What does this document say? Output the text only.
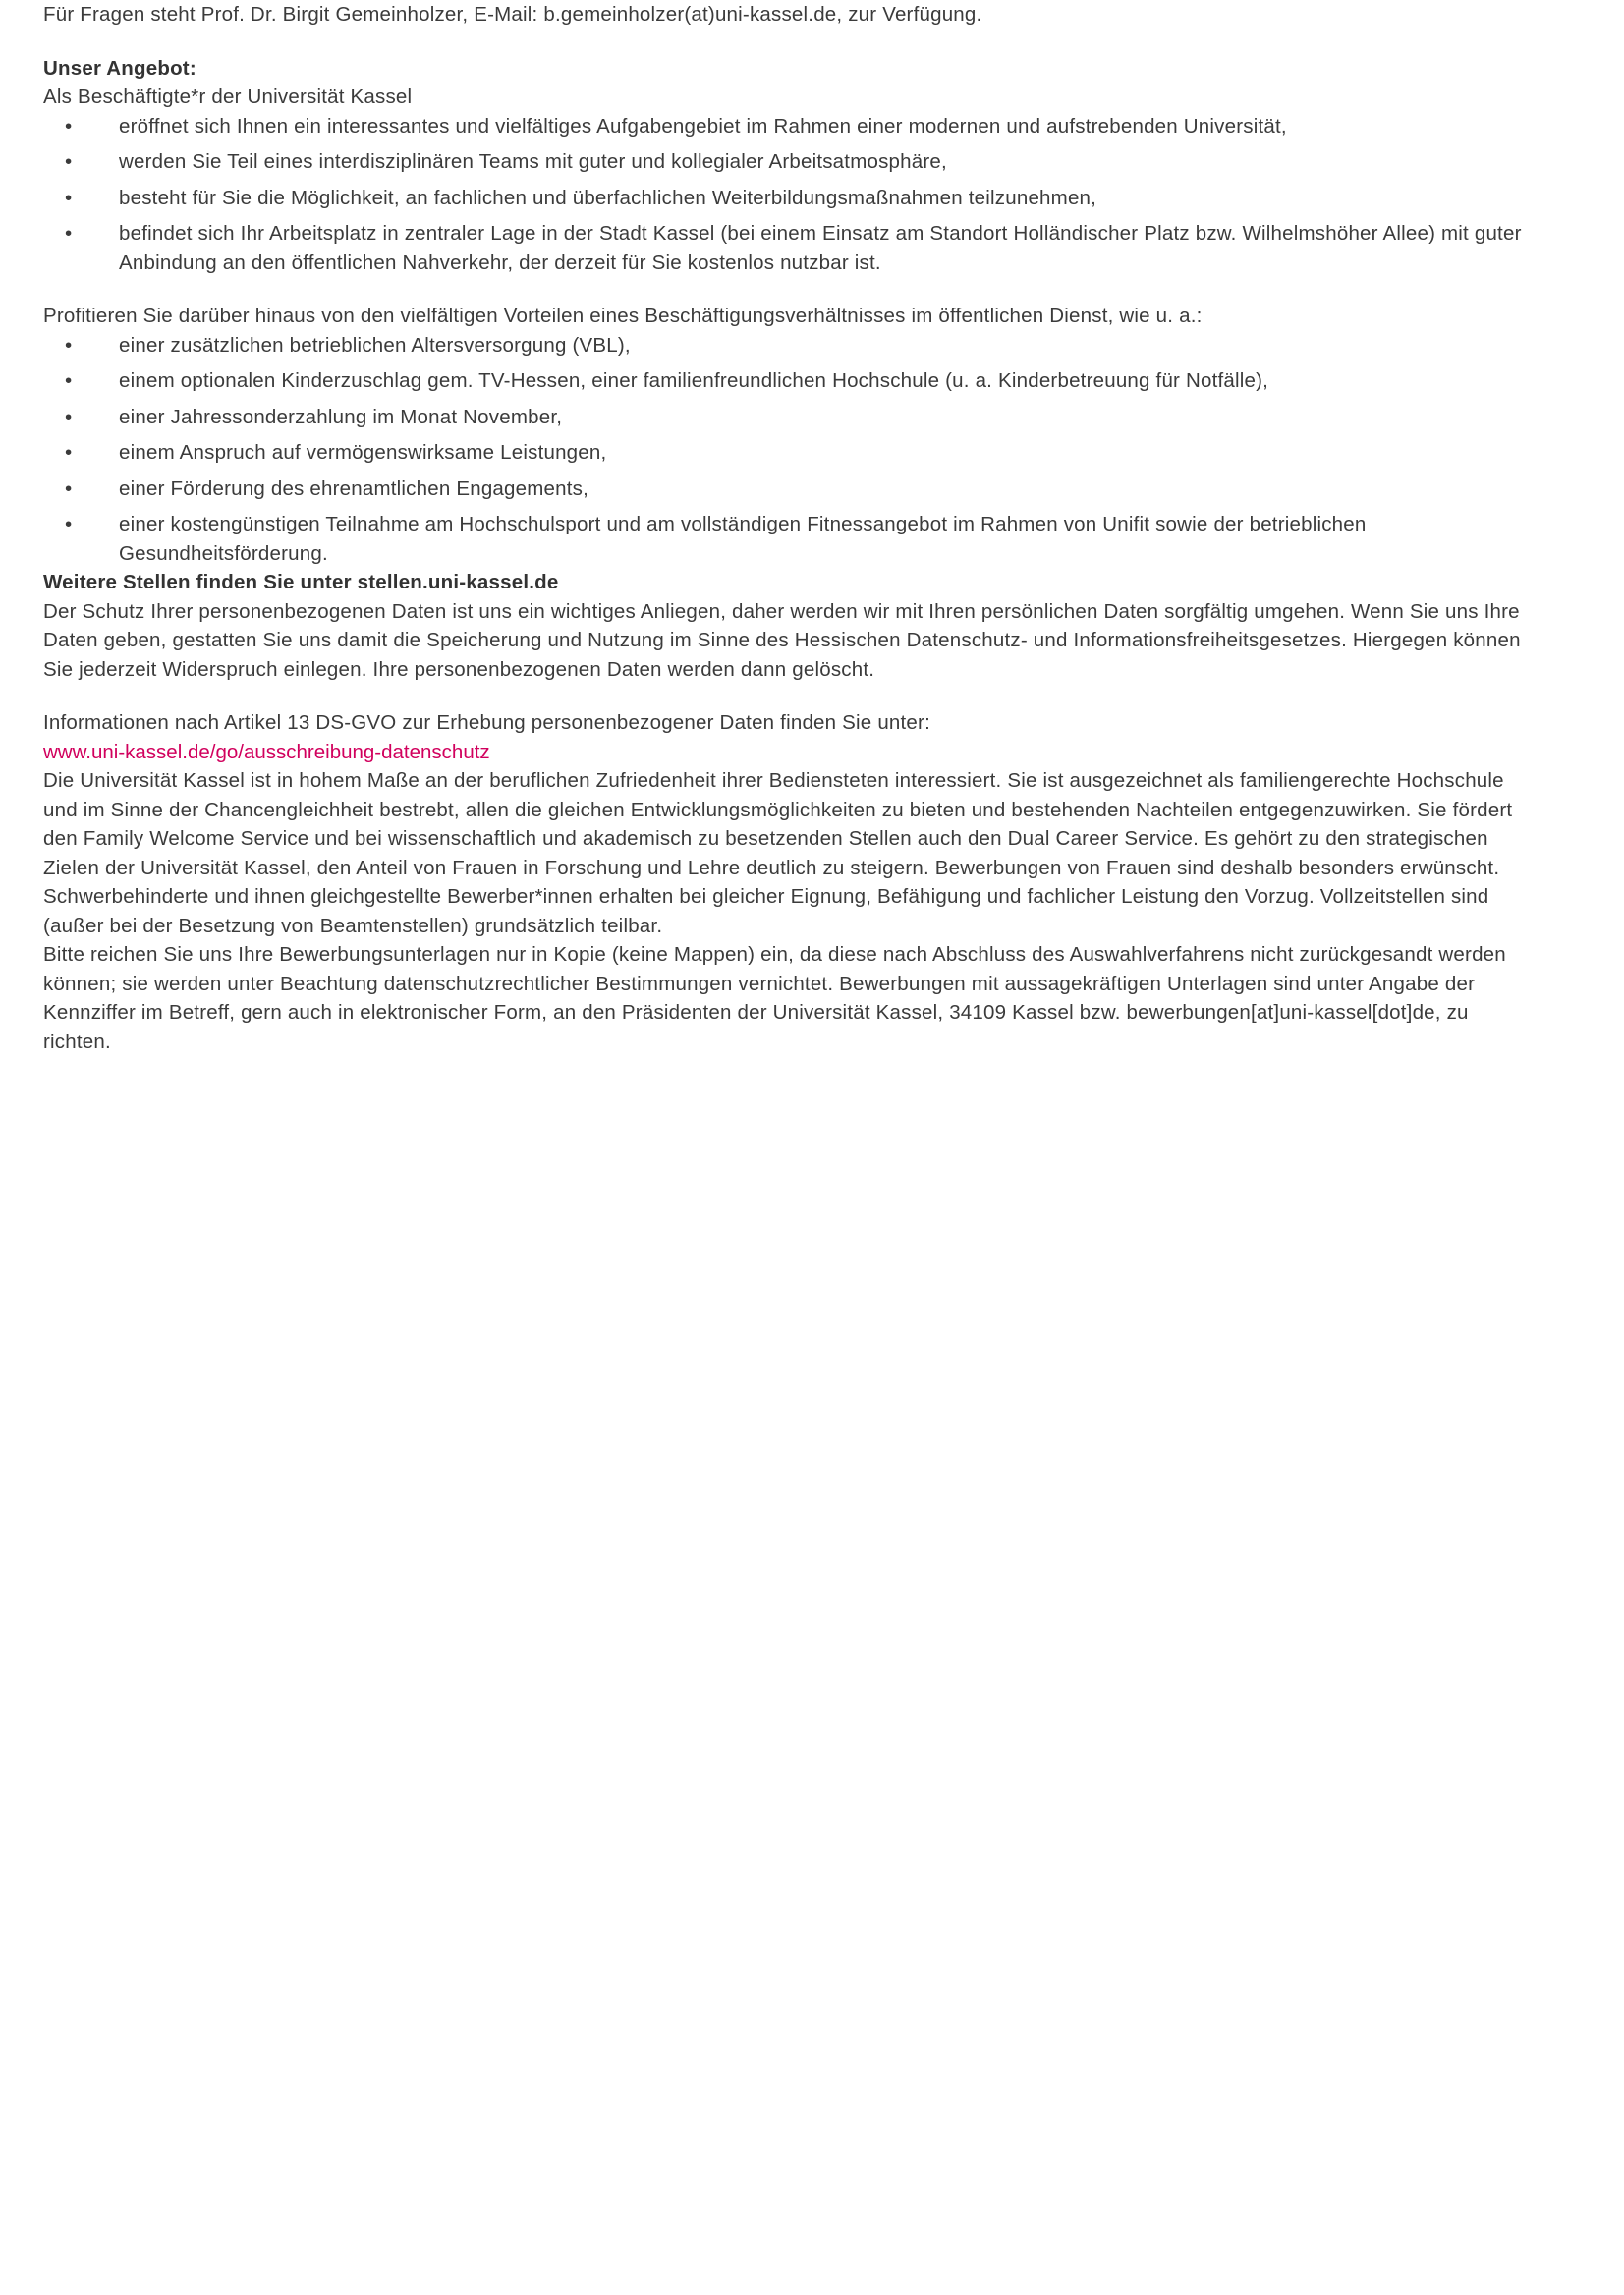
Für Fragen steht Prof. Dr. Birgit Gemeinholzer, E-Mail: b.gemeinholzer(at)uni-kassel.de, zur Verfügung.

Unser Angebot:

Als Beschäftigte*r der Universität Kassel

• eröffnet sich Ihnen ein interessantes und vielfältiges Aufgabengebiet im Rahmen einer modernen und aufstrebenden Universität,
• werden Sie Teil eines interdisziplinären Teams mit guter und kollegialer Arbeitsatmosphäre,
• besteht für Sie die Möglichkeit, an fachlichen und überfachlichen Weiterbildungsmaßnahmen teilzunehmen,
• befindet sich Ihr Arbeitsplatz in zentraler Lage in der Stadt Kassel (bei einem Einsatz am Standort Holländischer Platz bzw. Wilhelmshöher Allee) mit guter Anbindung an den öffentlichen Nahverkehr, der derzeit für Sie kostenlos nutzbar ist.

Profitieren Sie darüber hinaus von den vielfältigen Vorteilen eines Beschäftigungsverhältnisses im öffentlichen Dienst, wie u. a.:

• einer zusätzlichen betrieblichen Altersversorgung (VBL),
• einem optionalen Kinderzuschlag gem. TV-Hessen, einer familienfreundlichen Hochschule (u. a. Kinderbetreuung für Notfälle),
• einer Jahressonderzahlung im Monat November,
• einem Anspruch auf vermögenswirksame Leistungen,
• einer Förderung des ehrenamtlichen Engagements,
• einer kostengünstigen Teilnahme am Hochschulsport und am vollständigen Fitnessangebot im Rahmen von Unifit sowie der betrieblichen Gesundheitsförderung.
Weitere Stellen finden Sie unter stellen.uni-kassel.de

Der Schutz Ihrer personenbezogenen Daten ist uns ein wichtiges Anliegen, daher werden wir mit Ihren persönlichen Daten sorgfältig umgehen. Wenn Sie uns Ihre Daten geben, gestatten Sie uns damit die Speicherung und Nutzung im Sinne des Hessischen Datenschutz- und Informationsfreiheitsgesetzes. Hiergegen können Sie jederzeit Widerspruch einlegen. Ihre personenbezogenen Daten werden dann gelöscht.

Informationen nach Artikel 13 DS-GVO zur Erhebung personenbezogener Daten finden Sie unter:

www.uni-kassel.de/go/ausschreibung-datenschutz

Die Universität Kassel ist in hohem Maße an der beruflichen Zufriedenheit ihrer Bediensteten interessiert. Sie ist ausgezeichnet als familiengerechte Hochschule und im Sinne der Chancengleichheit bestrebt, allen die gleichen Entwicklungsmöglichkeiten zu bieten und bestehenden Nachteilen entgegenzuwirken. Sie fördert den Family Welcome Service und bei wissenschaftlich und akademisch zu besetzenden Stellen auch den Dual Career Service. Es gehört zu den strategischen Zielen der Universität Kassel, den Anteil von Frauen in Forschung und Lehre deutlich zu steigern. Bewerbungen von Frauen sind deshalb besonders erwünscht. Schwerbehinderte und ihnen gleichgestellte Bewerber*innen erhalten bei gleicher Eignung, Befähigung und fachlicher Leistung den Vorzug. Vollzeitstellen sind (außer bei der Besetzung von Beamtenstellen) grundsätzlich teilbar.

Bitte reichen Sie uns Ihre Bewerbungsunterlagen nur in Kopie (keine Mappen) ein, da diese nach Abschluss des Auswahlverfahrens nicht zurückgesandt werden können; sie werden unter Beachtung datenschutzrechtlicher Bestimmungen vernichtet. Bewerbungen mit aussagekräftigen Unterlagen sind unter Angabe der Kennziffer im Betreff, gern auch in elektronischer Form, an den Präsidenten der Universität Kassel, 34109 Kassel bzw. bewerbungen[at]uni-kassel[dot]de, zu richten.
